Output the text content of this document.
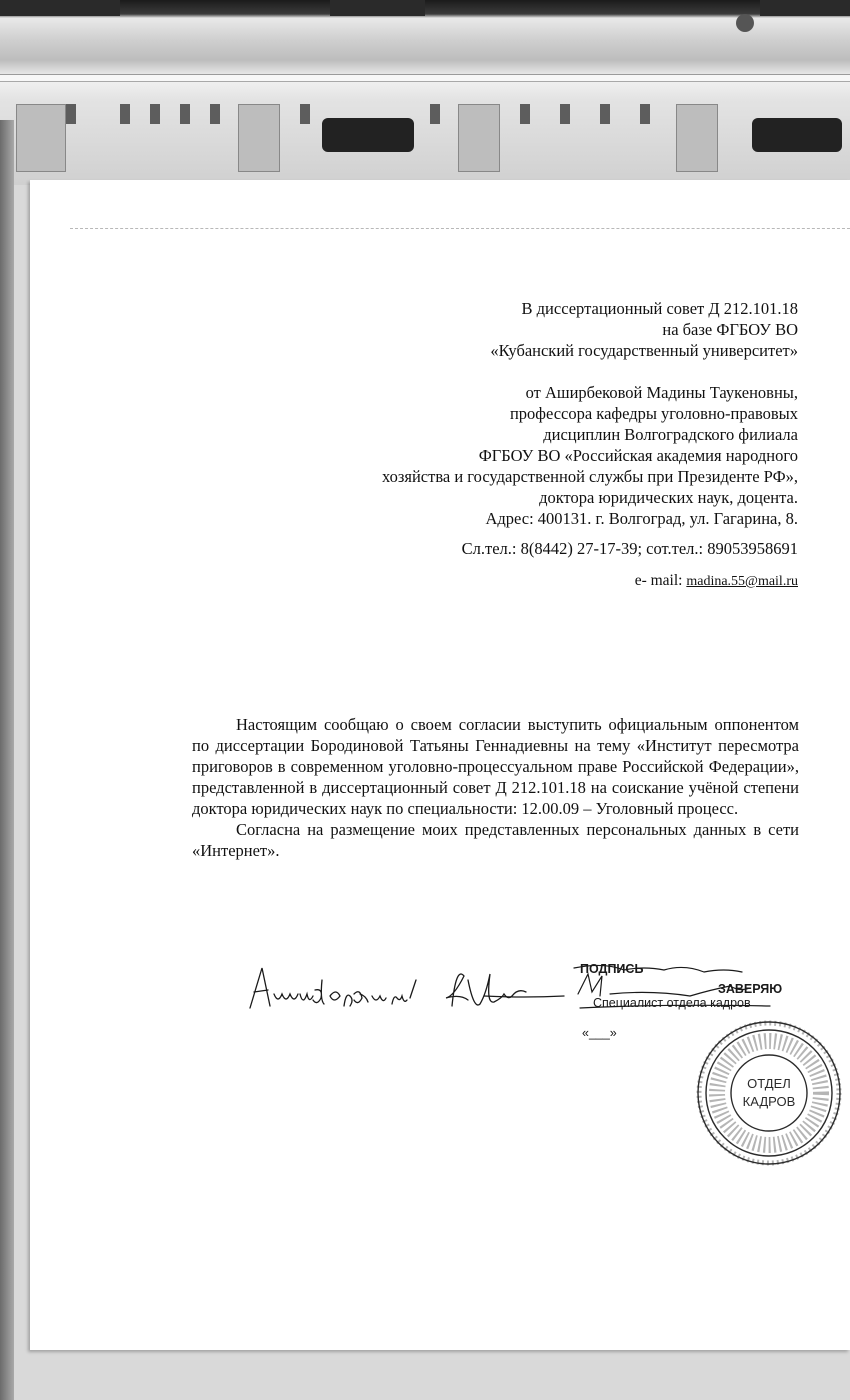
В диссертационный совет Д 212.101.18
на базе ФГБОУ ВО
«Кубанский государственный университет»
от Аширбековой Мадины Таукеновны,
профессора кафедры уголовно-правовых
дисциплин Волгоградского филиала
ФГБОУ ВО «Российская академия народного
хозяйства и государственной службы при Президенте РФ»,
доктора юридических наук, доцента.
Адрес: 400131. г. Волгоград, ул. Гагарина, 8.
Сл.тел.: 8(8442) 27-17-39; сот.тел.: 89053958691
е- mail: madina.55@mail.ru

Настоящим сообщаю о своем согласии выступить официальным оппонентом по диссертации Бородиновой Татьяны Геннадиевны на тему «Институт пересмотра приговоров в современном уголовно-процессуальном праве Российской Федерации», представленной в диссертационный совет Д 212.101.18 на соискание учёной степени доктора юридических наук по специальности: 12.00.09 – Уголовный процесс.

Согласна на размещение моих представленных персональных данных в сети «Интернет».

ПОДПИСЬ
ЗАВЕРЯЮ
Специалист отдела кадров
«___»
ОТДЕЛ
КАДРОВ
